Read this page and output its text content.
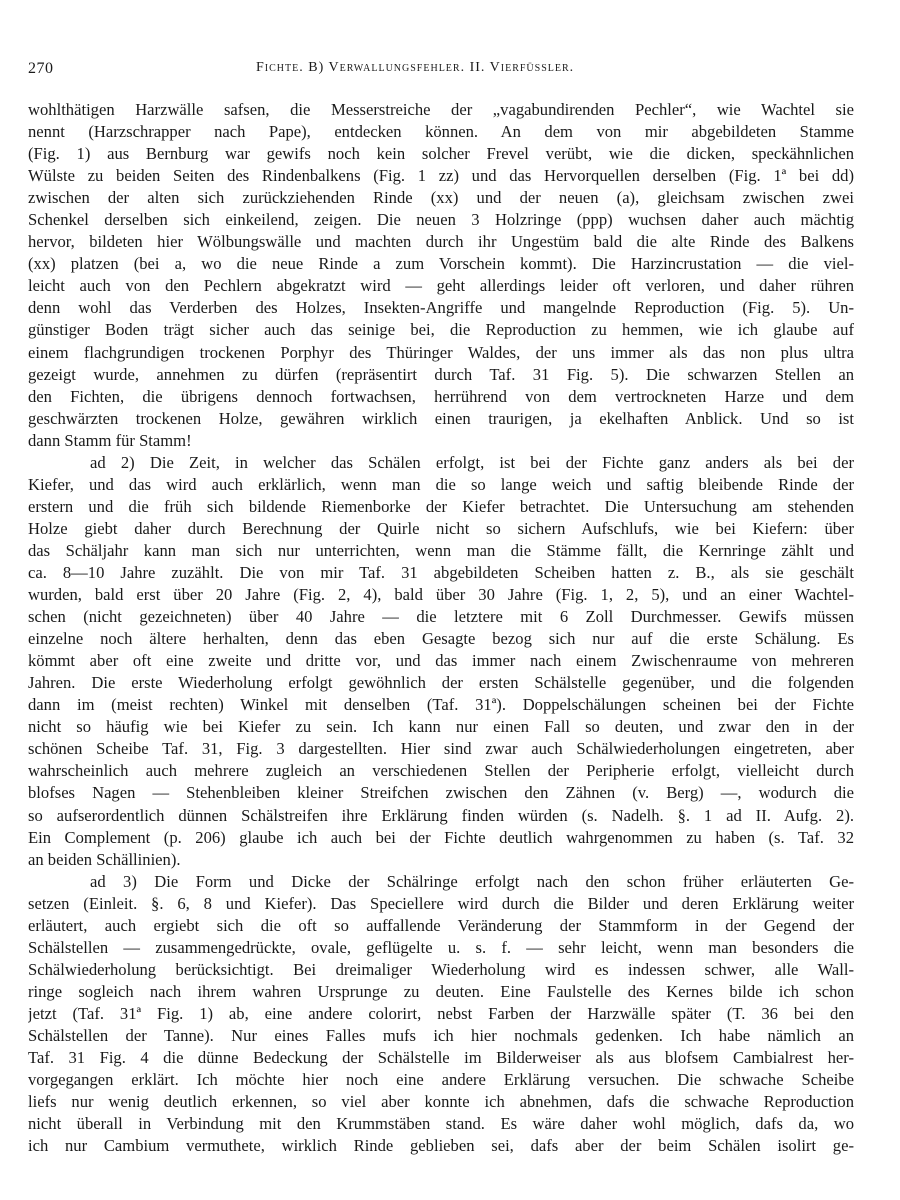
270	Fichte. B) Verwallungsfehler. II. Vierfüssler.

wohlthätigen Harzwälle safsen, die Messerstreiche der „vagabundirenden Pechler“, wie Wachtel sie

nennt (Harzschrapper nach Pape), entdecken können. An dem von mir abgebildeten Stamme

(Fig. 1) aus Bernburg war gewifs noch kein solcher Frevel verübt, wie die dicken, speckähnlichen

Wülste zu beiden Seiten des Rindenbalkens (Fig. 1 zz) und das Hervorquellen derselben (Fig. 1ª bei dd)

zwischen der alten sich zurückziehenden Rinde (xx) und der neuen (a), gleichsam zwischen zwei

Schenkel derselben sich einkeilend, zeigen. Die neuen 3 Holzringe (ppp) wuchsen daher auch mächtig

hervor, bildeten hier Wölbungswälle und machten durch ihr Ungestüm bald die alte Rinde des Balkens

(xx) platzen (bei a, wo die neue Rinde a zum Vorschein kommt). Die Harzincrustation — die viel-

leicht auch von den Pechlern abgekratzt wird — geht allerdings leider oft verloren, und daher rühren

denn wohl das Verderben des Holzes, Insekten-Angriffe und mangelnde Reproduction (Fig. 5). Un-

günstiger Boden trägt sicher auch das seinige bei, die Reproduction zu hemmen, wie ich glaube auf

einem flachgrundigen trockenen Porphyr des Thüringer Waldes, der uns immer als das non plus ultra

gezeigt wurde, annehmen zu dürfen (repräsentirt durch Taf. 31 Fig. 5). Die schwarzen Stellen an

den Fichten, die übrigens dennoch fortwachsen, herrührend von dem vertrockneten Harze und dem

geschwärzten trockenen Holze, gewähren wirklich einen traurigen, ja ekelhaften Anblick. Und so ist

dann Stamm für Stamm!

ad 2) Die Zeit, in welcher das Schälen erfolgt, ist bei der Fichte ganz anders als bei der

Kiefer, und das wird auch erklärlich, wenn man die so lange weich und saftig bleibende Rinde der

erstern und die früh sich bildende Riemenborke der Kiefer betrachtet. Die Untersuchung am stehenden

Holze giebt daher durch Berechnung der Quirle nicht so sichern Aufschlufs, wie bei Kiefern: über

das Schäljahr kann man sich nur unterrichten, wenn man die Stämme fällt, die Kernringe zählt und

ca. 8—10 Jahre zuzählt. Die von mir Taf. 31 abgebildeten Scheiben hatten z. B., als sie geschält

wurden, bald erst über 20 Jahre (Fig. 2, 4), bald über 30 Jahre (Fig. 1, 2, 5), und an einer Wachtel-

schen (nicht gezeichneten) über 40 Jahre — die letztere mit 6 Zoll Durchmesser. Gewifs müssen

einzelne noch ältere herhalten, denn das eben Gesagte bezog sich nur auf die erste Schälung. Es

kömmt aber oft eine zweite und dritte vor, und das immer nach einem Zwischenraume von mehreren

Jahren. Die erste Wiederholung erfolgt gewöhnlich der ersten Schälstelle gegenüber, und die folgenden

dann im (meist rechten) Winkel mit denselben (Taf. 31ª). Doppelschälungen scheinen bei der Fichte

nicht so häufig wie bei Kiefer zu sein. Ich kann nur einen Fall so deuten, und zwar den in der

schönen Scheibe Taf. 31, Fig. 3 dargestellten. Hier sind zwar auch Schälwiederholungen eingetreten, aber

wahrscheinlich auch mehrere zugleich an verschiedenen Stellen der Peripherie erfolgt, vielleicht durch

blofses Nagen — Stehenbleiben kleiner Streifchen zwischen den Zähnen (v. Berg) —, wodurch die

so aufserordentlich dünnen Schälstreifen ihre Erklärung finden würden (s. Nadelh. §. 1 ad II. Aufg. 2).

Ein Complement (p. 206) glaube ich auch bei der Fichte deutlich wahrgenommen zu haben (s. Taf. 32

an beiden Schällinien).

ad 3) Die Form und Dicke der Schälringe erfolgt nach den schon früher erläuterten Ge-

setzen (Einleit. §. 6, 8 und Kiefer). Das Speciellere wird durch die Bilder und deren Erklärung weiter

erläutert, auch ergiebt sich die oft so auffallende Veränderung der Stammform in der Gegend der

Schälstellen — zusammengedrückte, ovale, geflügelte u. s. f. — sehr leicht, wenn man besonders die

Schälwiederholung berücksichtigt. Bei dreimaliger Wiederholung wird es indessen schwer, alle Wall-

ringe sogleich nach ihrem wahren Ursprunge zu deuten. Eine Faulstelle des Kernes bilde ich schon

jetzt (Taf. 31ª Fig. 1) ab, eine andere colorirt, nebst Farben der Harzwälle später (T. 36 bei den

Schälstellen der Tanne). Nur eines Falles mufs ich hier nochmals gedenken. Ich habe nämlich an

Taf. 31 Fig. 4 die dünne Bedeckung der Schälstelle im Bilderweiser als aus blofsem Cambialrest her-

vorgegangen erklärt. Ich möchte hier noch eine andere Erklärung versuchen. Die schwache Scheibe

liefs nur wenig deutlich erkennen, so viel aber konnte ich abnehmen, dafs die schwache Reproduction

nicht überall in Verbindung mit den Krummstäben stand. Es wäre daher wohl möglich, dafs da, wo

ich nur Cambium vermuthete, wirklich Rinde geblieben sei, dafs aber der beim Schälen isolirt ge-
